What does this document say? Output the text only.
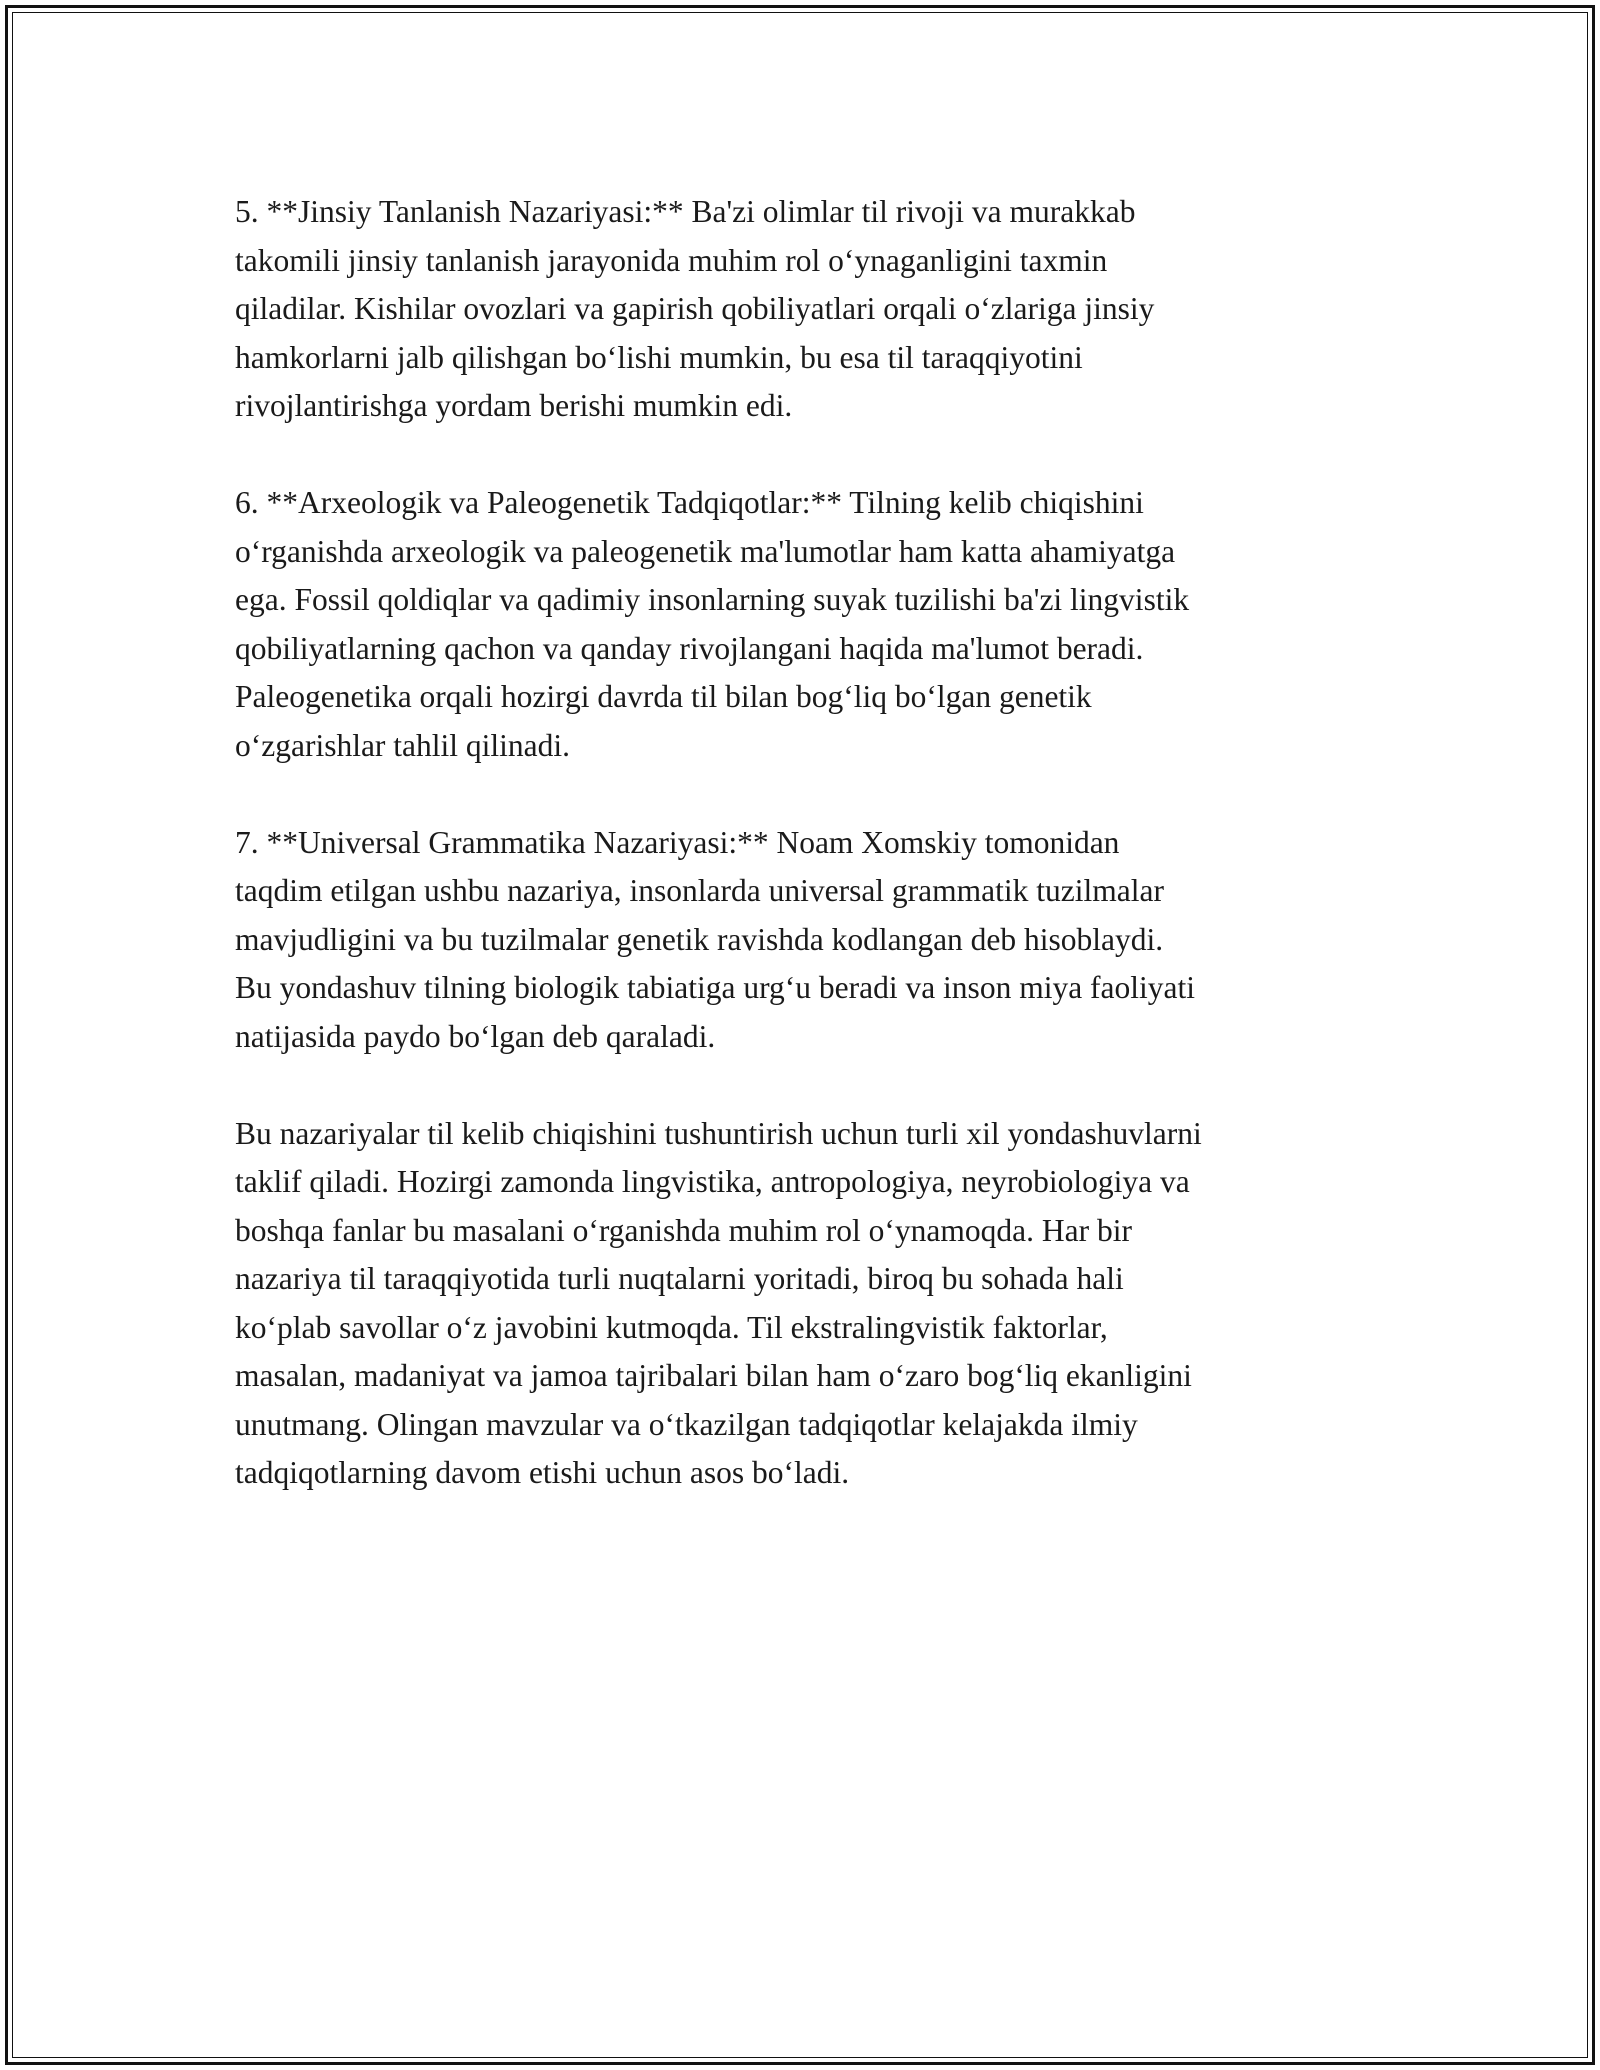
5. **Jinsiy Tanlanish Nazariyasi:** Ba'zi olimlar til rivoji va murakkab
takomili jinsiy tanlanish jarayonida muhim rol o‘ynaganligini taxmin
qiladilar. Kishilar ovozlari va gapirish qobiliyatlari orqali o‘zlariga jinsiy
hamkorlarni jalb qilishgan bo‘lishi mumkin, bu esa til taraqqiyotini
rivojlantirishga yordam berishi mumkin edi.

6. **Arxeologik va Paleogenetik Tadqiqotlar:** Tilning kelib chiqishini
o‘rganishda arxeologik va paleogenetik ma'lumotlar ham katta ahamiyatga
ega. Fossil qoldiqlar va qadimiy insonlarning suyak tuzilishi ba'zi lingvistik
qobiliyatlarning qachon va qanday rivojlangani haqida ma'lumot beradi.
Paleogenetika orqali hozirgi davrda til bilan bog‘liq bo‘lgan genetik
o‘zgarishlar tahlil qilinadi.

7. **Universal Grammatika Nazariyasi:** Noam Xomskiy tomonidan
taqdim etilgan ushbu nazariya, insonlarda universal grammatik tuzilmalar
mavjudligini va bu tuzilmalar genetik ravishda kodlangan deb hisoblaydi.
Bu yondashuv tilning biologik tabiatiga urg‘u beradi va inson miya faoliyati
natijasida paydo bo‘lgan deb qaraladi.

Bu nazariyalar til kelib chiqishini tushuntirish uchun turli xil yondashuvlarni
taklif qiladi. Hozirgi zamonda lingvistika, antropologiya, neyrobiologiya va
boshqa fanlar bu masalani o‘rganishda muhim rol o‘ynamoqda. Har bir
nazariya til taraqqiyotida turli nuqtalarni yoritadi, biroq bu sohada hali
ko‘plab savollar o‘z javobini kutmoqda. Til ekstralingvistik faktorlar,
masalan, madaniyat va jamoa tajribalari bilan ham o‘zaro bog‘liq ekanligini
unutmang. Olingan mavzular va o‘tkazilgan tadqiqotlar kelajakda ilmiy
tadqiqotlarning davom etishi uchun asos bo‘ladi.
